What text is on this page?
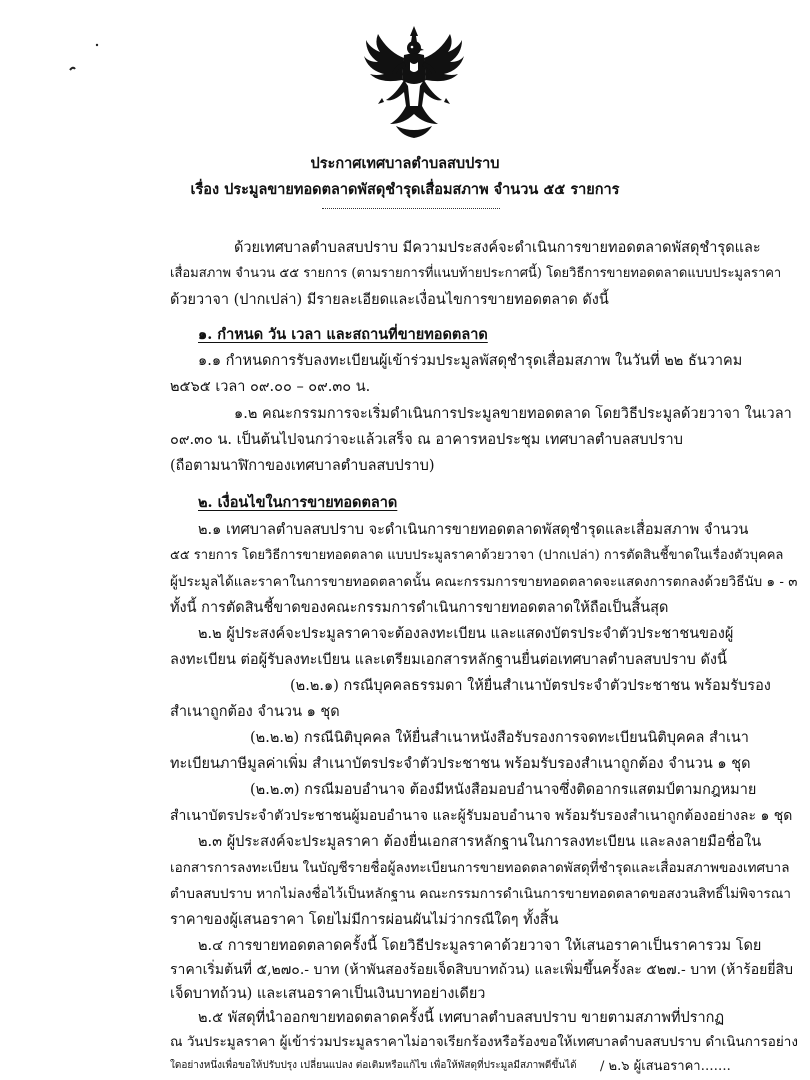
ประกาศเทศบาลตำบลสบปราบ
เรื่อง ประมูลขายทอดตลาดพัสดุชำรุดเสื่อมสภาพ จำนวน ๕๕ รายการ
ด้วยเทศบาลตำบลสบปราบ มีความประสงค์จะดำเนินการขายทอดตลาดพัสดุชำรุดและ
เสื่อมสภาพ จำนวน ๕๕ รายการ (ตามรายการที่แนบท้ายประกาศนี้) โดยวิธีการขายทอดตลาดแบบประมูลราคา
ด้วยวาจา (ปากเปล่า) มีรายละเอียดและเงื่อนไขการขายทอดตลาด ดังนี้
๑. กำหนด วัน เวลา และสถานที่ขายทอดตลาด
๑.๑ กำหนดการรับลงทะเบียนผู้เข้าร่วมประมูลพัสดุชำรุดเสื่อมสภาพ ในวันที่ ๒๒ ธันวาคม
๒๕๖๕ เวลา ๐๙.๐๐ – ๐๙.๓๐ น.
๑.๒ คณะกรรมการจะเริ่มดำเนินการประมูลขายทอดตลาด โดยวิธีประมูลด้วยวาจา ในเวลา
๐๙.๓๐ น. เป็นต้นไปจนกว่าจะแล้วเสร็จ ณ อาคารหอประชุม เทศบาลตำบลสบปราบ
(ถือตามนาฬิกาของเทศบาลตำบลสบปราบ)
๒. เงื่อนไขในการขายทอดตลาด
๒.๑ เทศบาลตำบลสบปราบ จะดำเนินการขายทอดตลาดพัสดุชำรุดและเสื่อมสภาพ จำนวน
๕๕ รายการ โดยวิธีการขายทอดตลาด แบบประมูลราคาด้วยวาจา (ปากเปล่า) การตัดสินชี้ขาดในเรื่องตัวบุคคล
ผู้ประมูลได้และราคาในการขายทอดตลาดนั้น คณะกรรมการขายทอดตลาดจะแสดงการตกลงด้วยวิธีนับ ๑ - ๓
ทั้งนี้ การตัดสินชี้ขาดของคณะกรรมการดำเนินการขายทอดตลาดให้ถือเป็นสิ้นสุด
๒.๒ ผู้ประสงค์จะประมูลราคาจะต้องลงทะเบียน และแสดงบัตรประจำตัวประชาชนของผู้
ลงทะเบียน ต่อผู้รับลงทะเบียน และเตรียมเอกสารหลักฐานยื่นต่อเทศบาลตำบลสบปราบ ดังนี้
(๒.๒.๑) กรณีบุคคลธรรมดา ให้ยื่นสำเนาบัตรประจำตัวประชาชน พร้อมรับรอง
สำเนาถูกต้อง จำนวน ๑ ชุด
(๒.๒.๒) กรณีนิติบุคคล ให้ยื่นสำเนาหนังสือรับรองการจดทะเบียนนิติบุคคล สำเนา
ทะเบียนภาษีมูลค่าเพิ่ม สำเนาบัตรประจำตัวประชาชน พร้อมรับรองสำเนาถูกต้อง จำนวน ๑ ชุด
(๒.๒.๓) กรณีมอบอำนาจ ต้องมีหนังสือมอบอำนาจซึ่งติดอากรแสตมป์ตามกฎหมาย
สำเนาบัตรประจำตัวประชาชนผู้มอบอำนาจ และผู้รับมอบอำนาจ พร้อมรับรองสำเนาถูกต้องอย่างละ ๑ ชุด
๒.๓ ผู้ประสงค์จะประมูลราคา ต้องยื่นเอกสารหลักฐานในการลงทะเบียน และลงลายมือชื่อใน
เอกสารการลงทะเบียน ในบัญชีรายชื่อผู้ลงทะเบียนการขายทอดตลาดพัสดุที่ชำรุดและเสื่อมสภาพของเทศบาล
ตำบลสบปราบ หากไม่ลงชื่อไว้เป็นหลักฐาน คณะกรรมการดำเนินการขายทอดตลาดขอสงวนสิทธิ์ไม่พิจารณา
ราคาของผู้เสนอราคา โดยไม่มีการผ่อนผันไม่ว่ากรณีใดๆ ทั้งสิ้น
๒.๔ การขายทอดตลาดครั้งนี้ โดยวิธีประมูลราคาด้วยวาจา ให้เสนอราคาเป็นราคารวม โดย
ราคาเริ่มต้นที่ ๕,๒๗๐.- บาท (ห้าพันสองร้อยเจ็ดสิบบาทถ้วน) และเพิ่มขึ้นครั้งละ ๕๒๗.- บาท (ห้าร้อยยี่สิบ
เจ็ดบาทถ้วน) และเสนอราคาเป็นเงินบาทอย่างเดียว
๒.๕ พัสดุที่นำออกขายทอดตลาดครั้งนี้ เทศบาลตำบลสบปราบ ขายตามสภาพที่ปรากฏ
ณ วันประมูลราคา ผู้เข้าร่วมประมูลราคาไม่อาจเรียกร้องหรือร้องขอให้เทศบาลตำบลสบปราบ ดำเนินการอย่าง
ใดอย่างหนึ่งเพื่อขอให้ปรับปรุง เปลี่ยนแปลง ต่อเติมหรือแก้ไข เพื่อให้พัสดุที่ประมูลมีสภาพดีขึ้นได้ / ๒.๖ ผู้เสนอราคา…….
